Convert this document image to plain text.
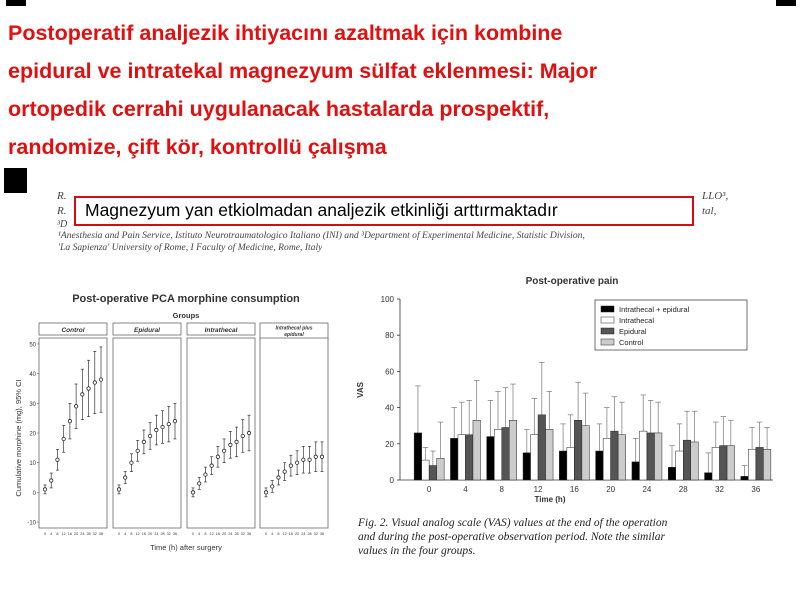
Postoperatif analjezik ihtiyacını azaltmak için kombine
epidural ve intratekal magnezyum sülfat eklenmesi: Major
ortopedik cerrahi uygulanacak hastalarda prospektif,
randomize, çift kör, kontrollü çalışma
R.
R.
³D
LLO³,
tal,
¹Anesthesia and Pain Service, Istituto Neurotraumatologico Italiano (INI) and ³Department of Experimental Medicine, Statistic Division,
'La Sapienza' University of Rome, I Faculty of Medicine, Rome, Italy
Magnezyum yan etkiolmadan analjezik etkinliği arttırmaktadır
Post-operative PCA morphine consumption
Groups
Cumulative morphine (mg), 95% CI
Time (h) after surgery
-10
0
10
20
30
40
50
Control
0 4 8 12 16 20 24 28 32 36
Epidural
0 4 8 12 16 20 24 28 32 36
Intrathecal
0 4 8 12 16 20 24 28 32 36
Intrathecal plus
epidural
0 4 8 12 16 20 24 28 32 36
Post-operative pain
VAS
Time (h)
0
20
40
60
80
100
0	4	8	12	16	20	24	28	32	36
Intrathecal + epidural
Intrathecal
Epidural
Control
Fig. 2. Visual analog scale (VAS) values at the end of the operation
and during the post-operative observation period. Note the similar
values in the four groups.
